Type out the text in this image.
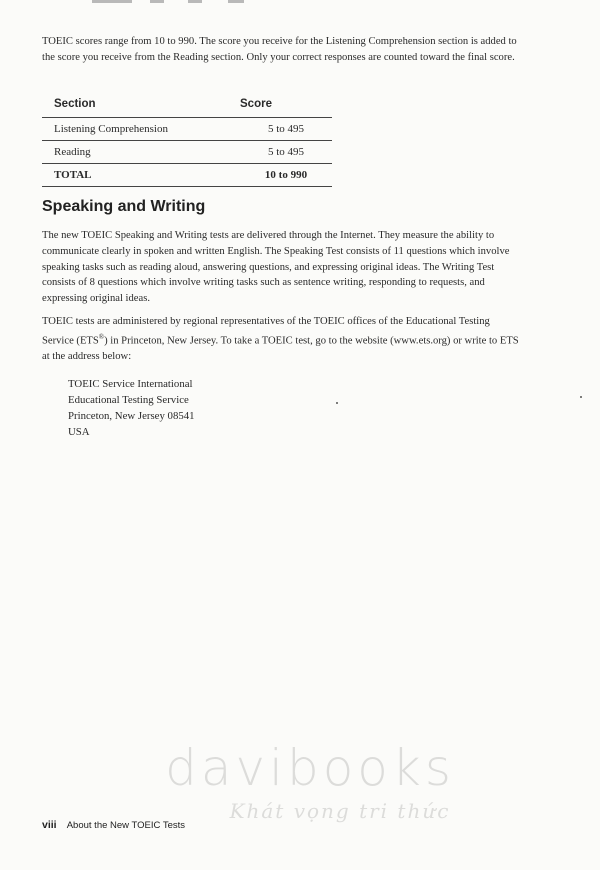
TOEIC scores range from 10 to 990. The score you receive for the Listening Comprehension section is added to the score you receive from the Reading section. Only your correct responses are counted toward the final score.

Section	Score
Listening Comprehension	5 to 495
Reading	5 to 495
TOTAL	10 to 990
Speaking and Writing

The new TOEIC Speaking and Writing tests are delivered through the Internet. They measure the ability to communicate clearly in spoken and written English. The Speaking Test consists of 11 questions which involve speaking tasks such as reading aloud, answering questions, and expressing original ideas. The Writing Test consists of 8 questions which involve writing tasks such as sentence writing, responding to requests, and expressing original ideas.

TOEIC tests are administered by regional representatives of the TOEIC offices of the Educational Testing Service (ETS®) in Princeton, New Jersey. To take a TOEIC test, go to the website (www.ets.org) or write to ETS at the address below:

TOEIC Service International
Educational Testing Service
Princeton, New Jersey 08541
USA
davibooks
Khát vọng tri thức
viii About the New TOEIC Tests
